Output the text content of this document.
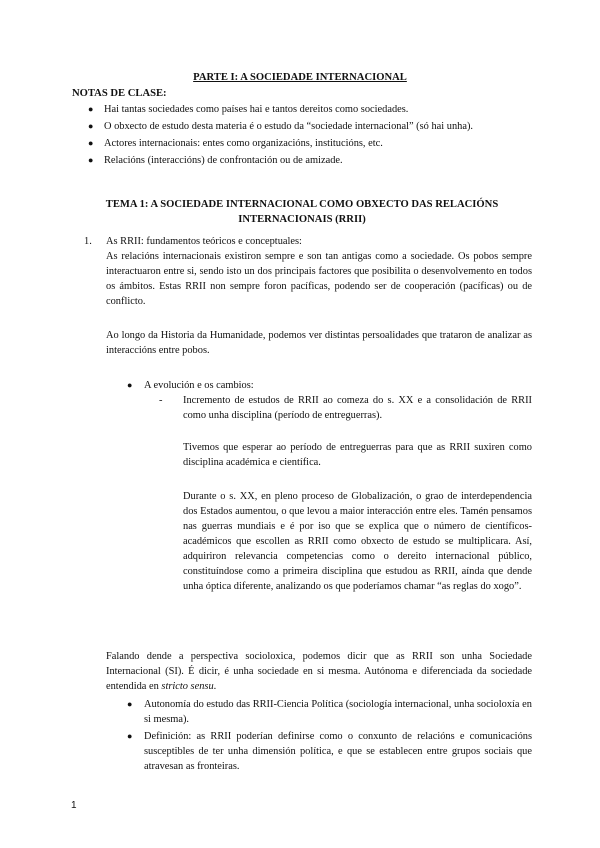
PARTE I: A SOCIEDADE INTERNACIONAL
NOTAS DE CLASE:
● Hai tantas sociedades como países hai e tantos dereitos como sociedades.
● O obxecto de estudo desta materia é o estudo da “sociedade internacional” (só hai unha).
● Actores internacionais: entes como organizacións, institucións, etc.
● Relacións (interaccións) de confrontación ou de amizade.
TEMA 1: A SOCIEDADE INTERNACIONAL COMO OBXECTO DAS RELACIÓNS INTERNACIONAIS (RRII)
1.	As RRII: fundamentos teóricos e conceptuales:

As relacións internacionais existiron sempre e son tan antigas como a sociedade. Os pobos sempre interactuaron entre si, sendo isto un dos principais factores que posibilita o desenvolvemento en todos os ámbitos. Estas RRII non sempre foron pacíficas, podendo ser de cooperación (pacíficas) ou de conflicto.

Ao longo da Historia da Humanidade, podemos ver distintas persoalidades que trataron de analizar as interaccións entre pobos.

● A evolución e os cambios:
- Incremento de estudos de RRII ao comeza do s. XX e a consolidación de RRII como unha disciplina (período de entreguerras).

Tivemos que esperar ao período de entreguerras para que as RRII suxiren como disciplina académica e científica.

Durante o s. XX, en pleno proceso de Globalización, o grao de interdependencia dos Estados aumentou, o que levou a maior interacción entre eles. Tamén pensamos nas guerras mundiais e é por iso que se explica que o número de científicos- académicos que escollen as RRII como obxecto de estudo se multiplicara. Así, adquiriron relevancia competencias como o dereito internacional público, constituíndose como a primeira disciplina que estudou as RRII, aínda que dende unha óptica diferente, analizando os que poderíamos chamar “as reglas do xogo”.

Falando dende a perspectiva socioloxica, podemos dicir que as RRII son unha Sociedade Internacional (SI). É dicir, é unha sociedade en si mesma. Autónoma e diferenciada da sociedade entendida en stricto sensu.

●	Autonomía do estudo das RRII-Ciencia Política (sociología internacional, unha socioloxía en si mesma).

●	Definición: as RRII poderían definirse como o conxunto de relacións e comunicacións susceptibles de ter unha dimensión política, e que se establecen entre grupos sociais que atravesan as fronteiras.

1
